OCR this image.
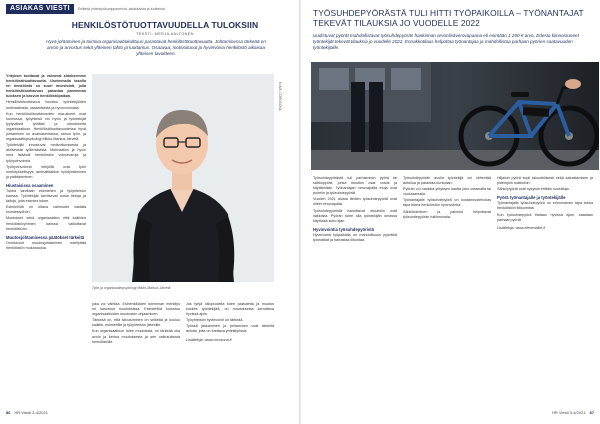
ASIAKAS VIESTI	Esittelyt yhteistyökumppaneista, asiakkaista ja tuotteista
HENKILÖSTÖTUOTTAVUUDELLA TULOKSIIN
TEKSTI: MERJA AALTONEN
Hyvä johtaminen ja toimiva organisaatiokulttuuri parantavat henkilöstötuottavuutta. Johtamisessa tärkeää on arvon ja arvostus sekä yhteinen tahto ja luottamus. Osaavaa, motivoitunut ja hyvinvoiva henkilöstö aikaisaa yhteisen tavoitteen.

Yritykset tuottavat ja valvovat aidoksemme henkilöstötuottavuutta. Useimmalla tasolla eri henkilöstö on suuri investointi, jolla henkilöstötuottavuus parantaa paremman tuloksen ja kasvun henkilöstöpaikan.

Henkilöstötuottavuus koostuu työntekijöiden motivaatiosta, osaamisesta ja hyvinvoinnista.

Kun henkilöstötuottavuuden osa-alueet ovat kunnossa, työyhteisö voi hyvin ja työntekijät tyytyväisiä työtään ja sitoutuneita organisaatioon. Henkilöstötuottavuudessa hyvä johtaminen on avainasemassa, sanoo työn- ja organisaatiopsykologi Mikko-Markus Järvelä.

Työntekijät innostuvat motivoitumisesta ja aktiivisista työtehtävistä. Motivaation ja hyvin oma lisäävät henkilöstön voimavaroja ja työhyvinvointia.

Työhyvinvoinnin tekijöitä ovat työn merkityksellisyys, ammattitaidon hyödyntäminen ja palkitseminen.

Hiustaisissa osaaminen

Tukea tarvitaan esimiehen ja työyhteisön kanssa. Työntekijät tarvitsevat uusia tietoja ja taitoja, joita esimies tukee.

Esimiehillä on oltava valmiudet vastata esimiestyöhön.

Muutokset sekä organisaation että kaikkien henkilöstöryhmien kanssa vaikuttavat henkilöstöön.

Muutosjohtamisessa päätökset tärkeitä

Onnistunut muutosjohtaminen edellyttää henkilöstön mukanaoloa.

KUVA: COROSONA
Työn ja organisaatiopsykologi Mikko-Markus Järvelä

joka voi vaihtaa. Esihenkilöiden toiminnan merkitys on kasvanut muutoksissa. Esimiehillä korostuu organisaatioiden muutosten ohjaaminen.

Tärkeää on, että sitoutuminen on selkeää ja kuuluu kaikille, esimiehille ja työyhteisön jäsenille.

Kun organisaatioon tulee muutoksia, on tärkeää olla avoin ja kertoa muutoksesta ja sen vaikutuksista henkilöstölle.

Jos tyhjä ulkopuolelta tulee palautetta ja muutos koskee työntekijää, on muutoksesta kerrottava hyvissä ajoin.

Työyhteisön hyvinvointi on tärkeää.

Työssä jaksaminen ja johtaminen ovat tärkeitä asioita, joita on tuettava yhteistyössä.

Lisätietoja: www.corosona.fi

86 HR Viesti 3-4/2021
TYÖSUHDEPYÖRÄSTÄ TULI HITTI TYÖPAIKOILLA – TYÖNANTAJAT TEKEVÄT TILAUKSIA JO VUODELLE 2022
Uudistuvat pyörät mahdollistavat työsuhdepyörän hankinnan arvonlisäverovapaana eli enintään 1 200 € arvo, Edesta kiinnostuneet työntekijät tekevät tilauksia jo vuodelle 2022. Ennakkotilaus helpottaa työnantajaa ja mahdollistaa parhaan pyörien saatavuuden työntekijöille.

Työsuhdepyörästä tuli parhaimmin pyörä tai sähköpyörä, jonka muutkin osat voivat ja käyttämään. Työnantajan verovapaita etuja ovat puhelin ja työsuhdepyörät.

Vuoden 2021 alusta lähtien työsuhdepyörät ovat olleet verovapaita.

Työsuhdepyöristä hankittavat etuuksiin ovat vakioista. Pyörän tulee olla työntekijän omassa käytössä koko ajan.

Hyvinvointia työsuhdepyöristä

Hyvinvointi työpaikalla on mahdollisuus pyöräillä työmatkat ja harrastaa liikuntaa.

Työsuhdepyörän avulla työntekijä voi vähentää autoilua ja parantaa kuntoaan.

Pyörän voi hankkia yrityksen kautta joko ostamalla tai vuokraamalla.

Työnantajalle työsuhdepyörä on kustannustehokas tapa tukea henkilöstön hyvinvointia.

Sähkötoiminen ja palvelut helpottavat työsuhdepyörän hallinnointia.

Hiljaisin pyörä sopii taloudellisesti sekä sairastamisen ja pidempiin matkoihin.

Sähköpyörät ovat nykyisin erittäin suosittuja.

Pyörä työnantajalle ja työntekijälle

Työnantajalle työsuhdepyörä on erinomainen tapa tukea henkilöstön liikkumista.

Kun työsuhdepyörä tilataan hyvissä ajoin, saadaan parhaat pyörät.

Lisätietoja: www.electrobike.fi

HR Viesti 3-4/2021 87
